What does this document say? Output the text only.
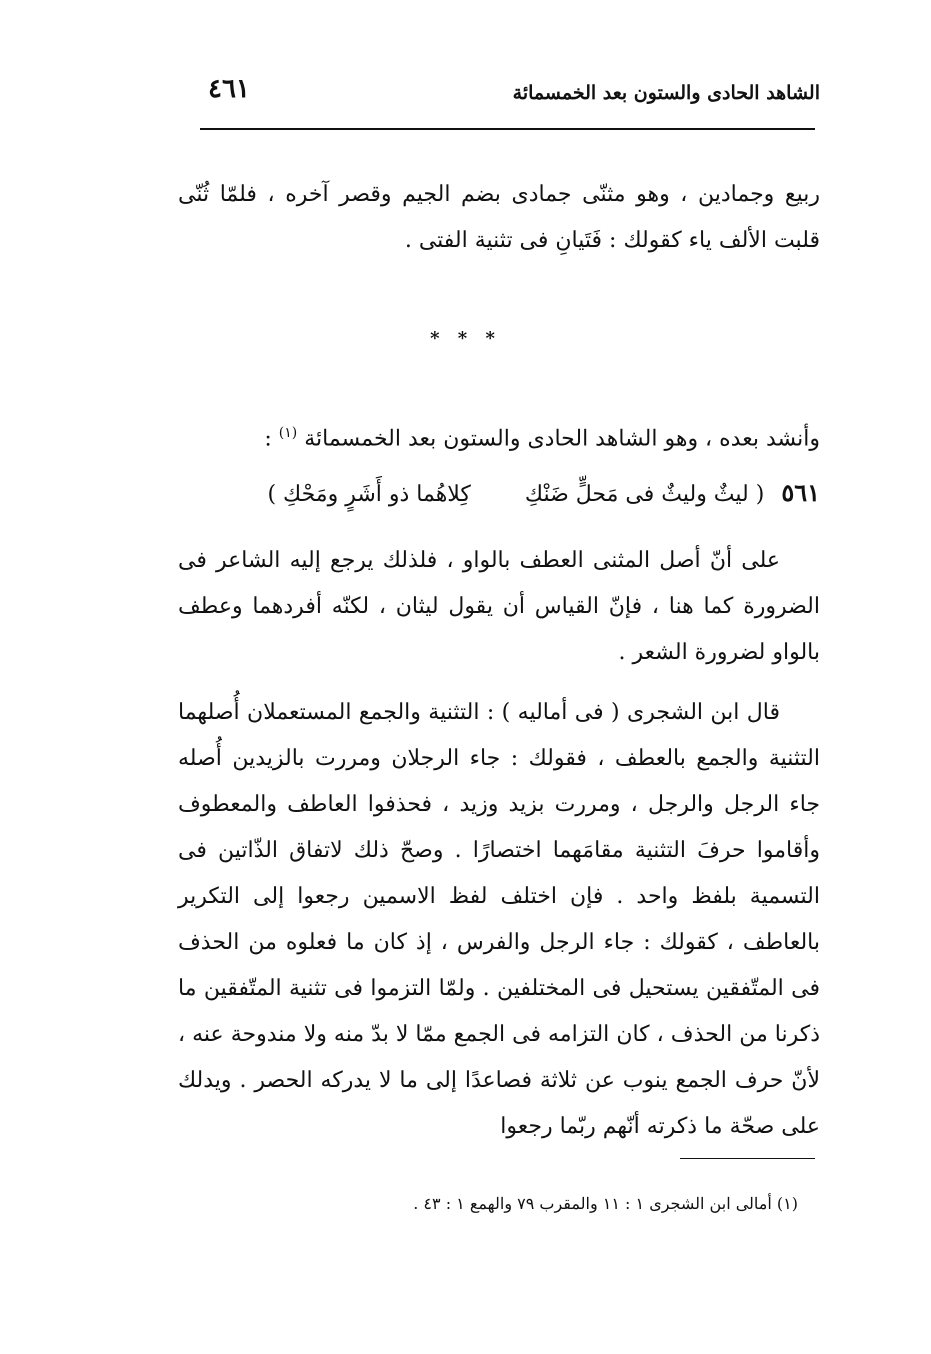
٤٦١	الشاهد الحادى والستون بعد الخمسمائة
ربيع وجمادين ، وهو مثنّى جمادى بضم الجيم وقصر آخره ، فلمّا ثُنّى قلبت الألف ياء كقولك : فَتَيانِ فى تثنية الفتى .
* * *
وأنشد بعده ، وهو الشاهد الحادى والستون بعد الخمسمائة $^{(١)}$ :
٥٦١ ( ليثٌ وليثٌ فى مَحلٍّ ضَنْكِ  كِلاهُما ذو أَشَرٍ ومَحْكِ )
على أنّ أصل المثنى العطف بالواو ، فلذلك يرجع إليه الشاعر فى الضرورة كما هنا ، فإنّ القياس أن يقول ليثان ، لكنّه أفردهما وعطف بالواو لضرورة الشعر .
قال ابن الشجرى ( فى أماليه ) : التثنية والجمع المستعملان أُصلهما التثنية والجمع بالعطف ، فقولك : جاء الرجلان ومررت بالزيدين أُصله جاء الرجل والرجل ، ومررت بزيد وزيد ، فحذفوا العاطف والمعطوف وأقاموا حرفَ التثنية مقامَهما اختصارًا . وصحّ ذلك لاتفاق الذّاتين فى التسمية بلفظ واحد . فإن اختلف لفظ الاسمين رجعوا إلى التكرير بالعاطف ، كقولك : جاء الرجل والفرس ، إذ كان ما فعلوه من الحذف فى المتّفقين يستحيل فى المختلفين . ولمّا التزموا فى تثنية المتّفقين ما ذكرنا من الحذف ، كان التزامه فى الجمع ممّا لا بدّ منه ولا مندوحة عنه ، لأنّ حرف الجمع ينوب عن ثلاثة فصاعدًا إلى ما لا يدركه الحصر . ويدلك على صحّة ما ذكرته أنّهم ربّما رجعوا
(١) أمالى ابن الشجرى ١ : ١١ والمقرب ٧٩ والهمع ١ : ٤٣ .
